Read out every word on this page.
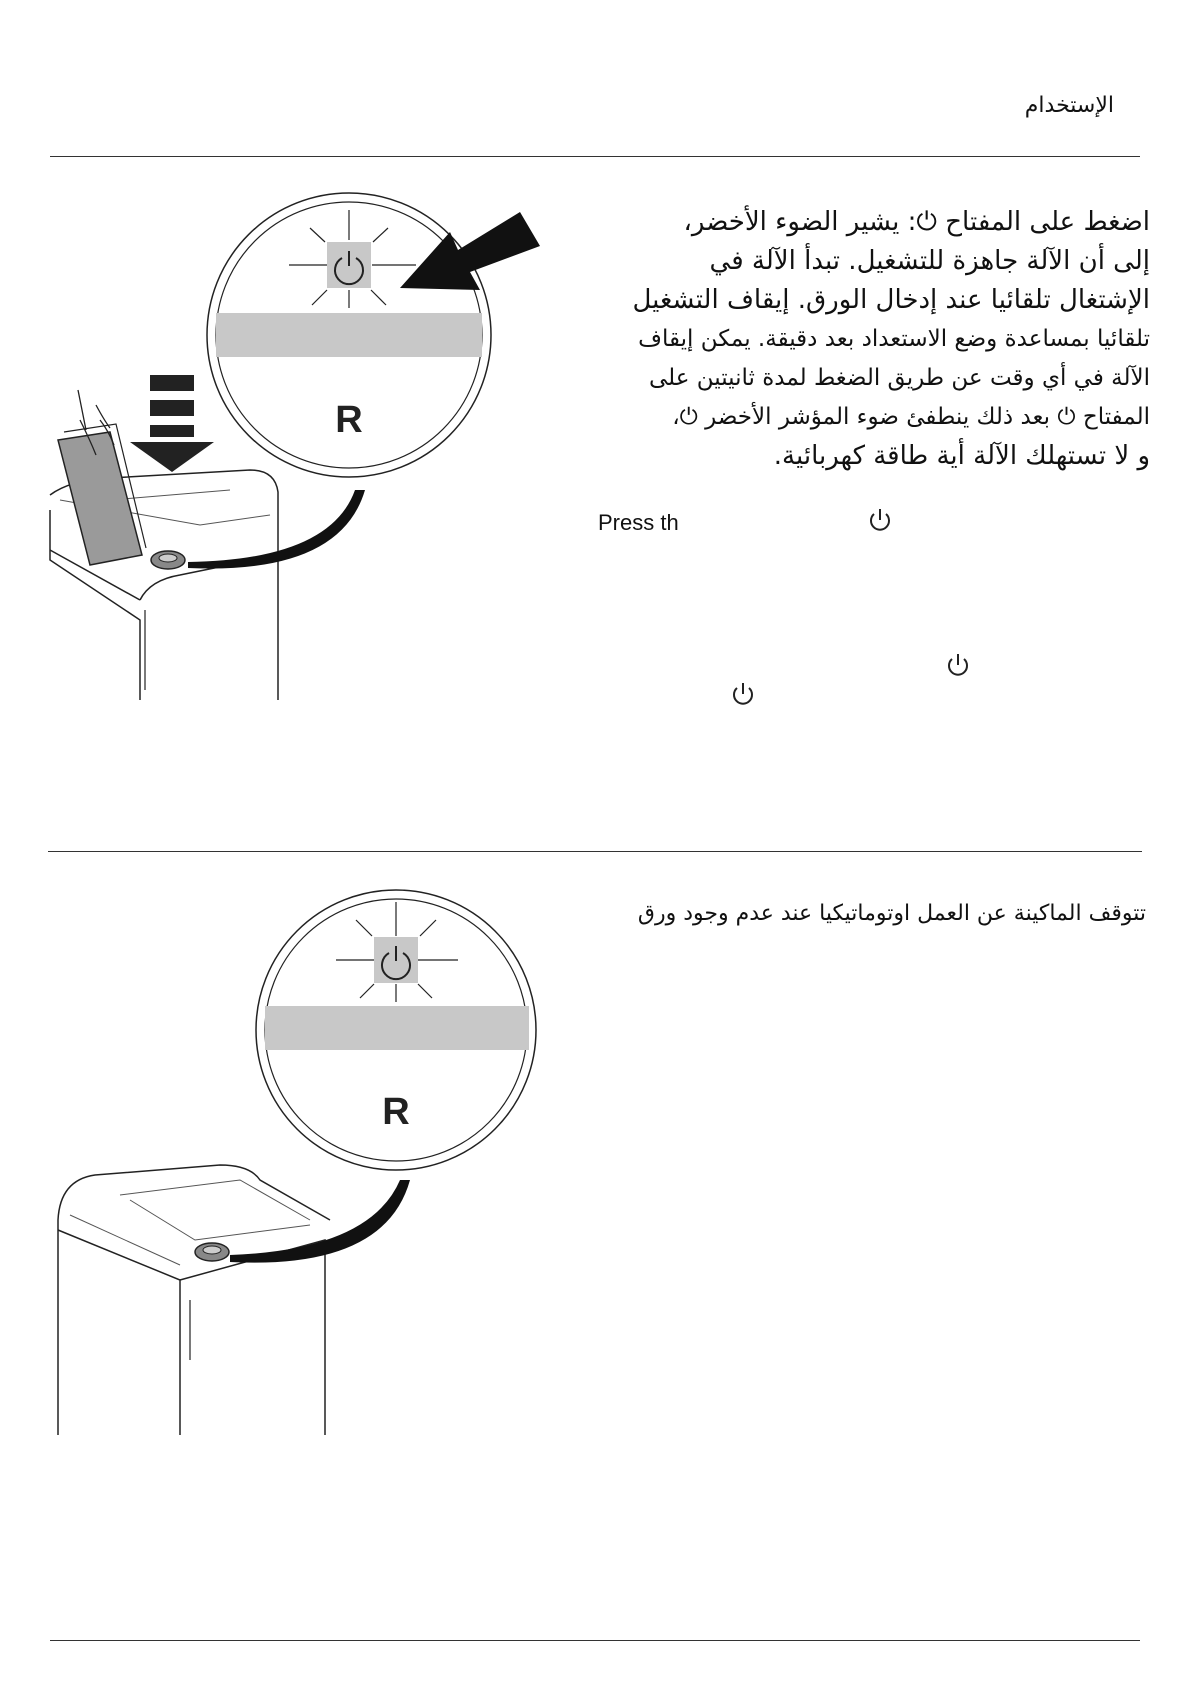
الإستخدام
R
اضغط على المفتاح ⏻: يشير الضوء الأخضر،
إلى أن الآلة جاهزة للتشغيل. تبدأ الآلة في
الإشتغال تلقائيا عند إدخال الورق. إيقاف التشغيل
تلقائيا بمساعدة وضع الاستعداد بعد دقيقة. يمكن إيقاف
الآلة في أي وقت عن طريق الضغط لمدة ثانيتين على
المفتاح ⏻ بعد ذلك ينطفئ ضوء المؤشر الأخضر ⏻،
و لا تستهلك الآلة أية طاقة كهربائية.
Press th
R
تتوقف الماكينة عن العمل اوتوماتيكيا عند عدم وجود ورق
